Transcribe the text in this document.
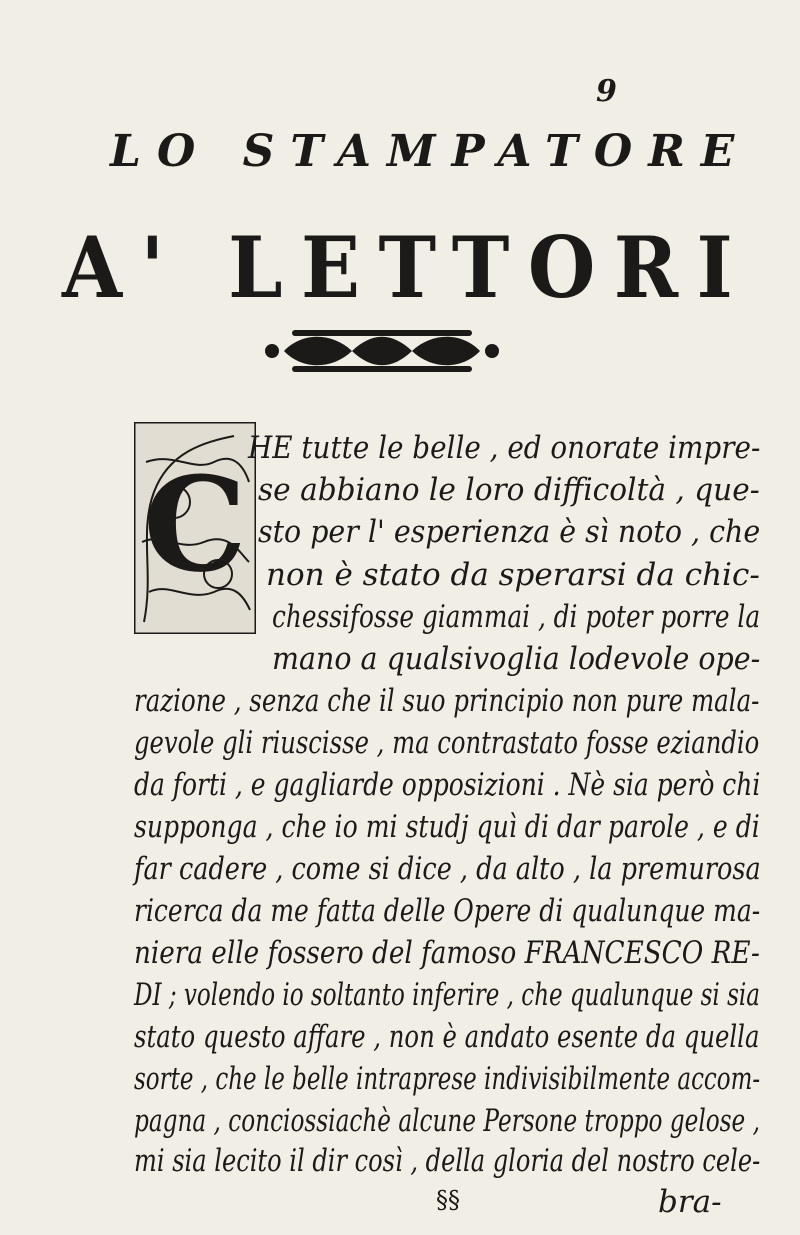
9
LO STAMPATORE
A' LETTORI
C HE tutte le belle , ed onorate impre-
se abbiano le loro difficoltà , que-
sto per l' esperienza è sì noto , che
non è stato da sperarsi da chic-
chessifosse giammai , di poter porre la
mano a qualsivoglia lodevole ope-
razione , senza che il suo principio non pure mala-
gevole gli riuscisse , ma contrastato fosse eziandio
da forti , e gagliarde opposizioni . Nè sia però chi
supponga , che io mi studj quì di dar parole , e di
far cadere , come si dice , da alto , la premurosa
ricerca da me fatta delle Opere di qualunque ma-
niera elle fossero del famoso FRANCESCO RE-
DI ; volendo io soltanto inferire , che qualunque si sia
stato questo affare , non è andato esente da quella
sorte , che le belle intraprese indivisibilmente accom-
pagna , conciossiachè alcune Persone troppo gelose ,
mi sia lecito il dir così , della gloria del nostro cele-
§§	bra-
